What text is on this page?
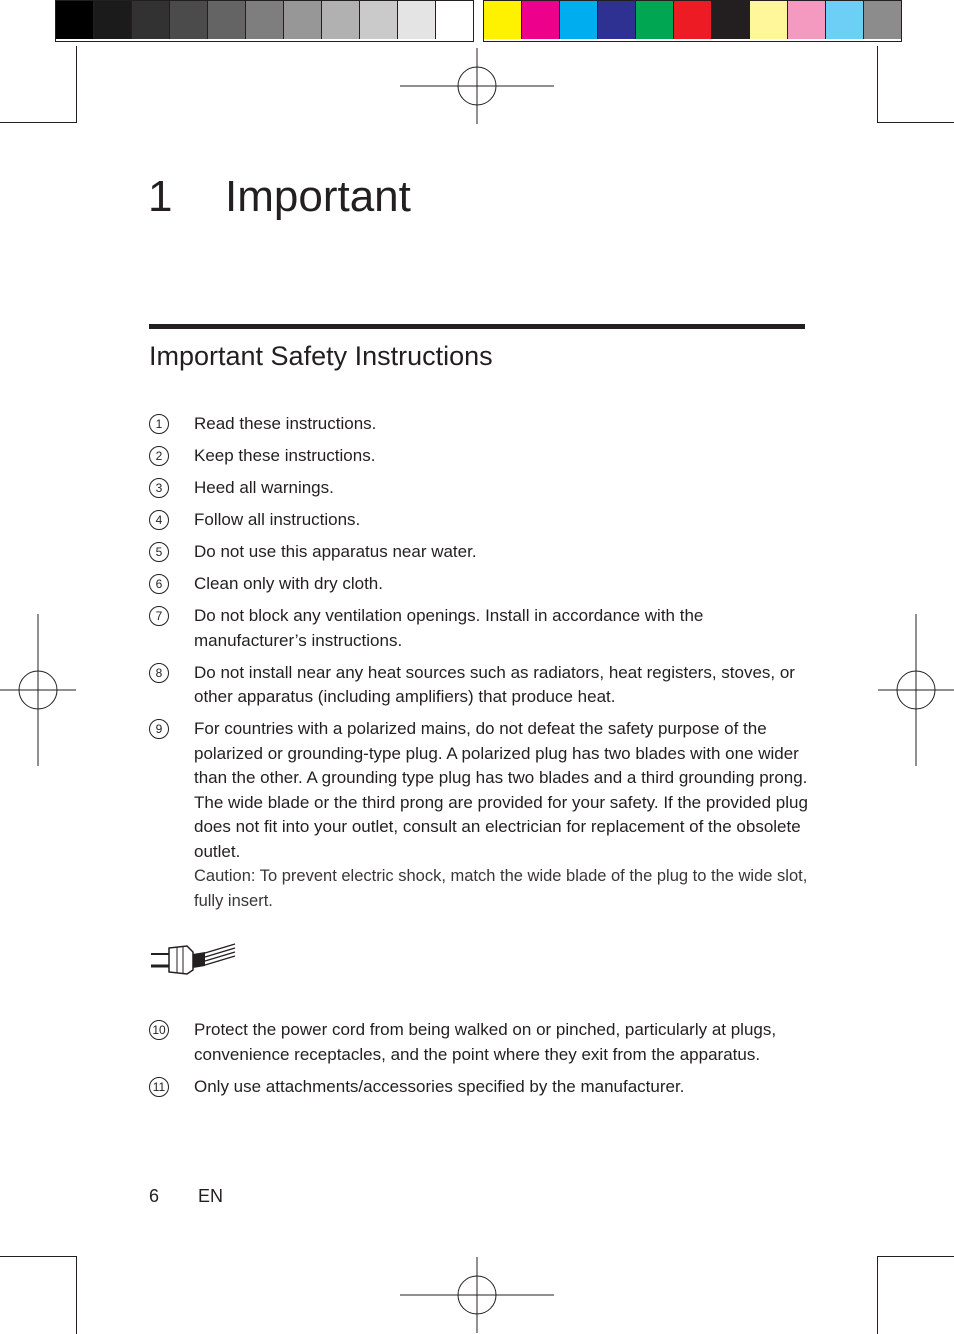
1 Important
Important Safety Instructions
1	Read these instructions.
2	Keep these instructions.
3	Heed all warnings.
4	Follow all instructions.
5	Do not use this apparatus near water.
6	Clean only with dry cloth.
7	Do not block any ventilation openings. Install in accordance with the manufacturer’s instructions.
8	Do not install near any heat sources such as radiators, heat registers, stoves, or other apparatus (including amplifiers) that produce heat.
9	For countries with a polarized mains, do not defeat the safety purpose of the polarized or grounding-type plug. A polarized plug has two blades with one wider than the other. A grounding type plug has two blades and a third grounding prong. The wide blade or the third prong are provided for your safety. If the provided plug does not fit into your outlet, consult an electrician for replacement of the obsolete outlet.
Caution: To prevent electric shock, match the wide blade of the plug to the wide slot, fully insert.
10 Protect the power cord from being walked on or pinched, particularly at plugs, convenience receptacles, and the point where they exit from the apparatus.
11 Only use attachments/accessories specified by the manufacturer.
6 EN
